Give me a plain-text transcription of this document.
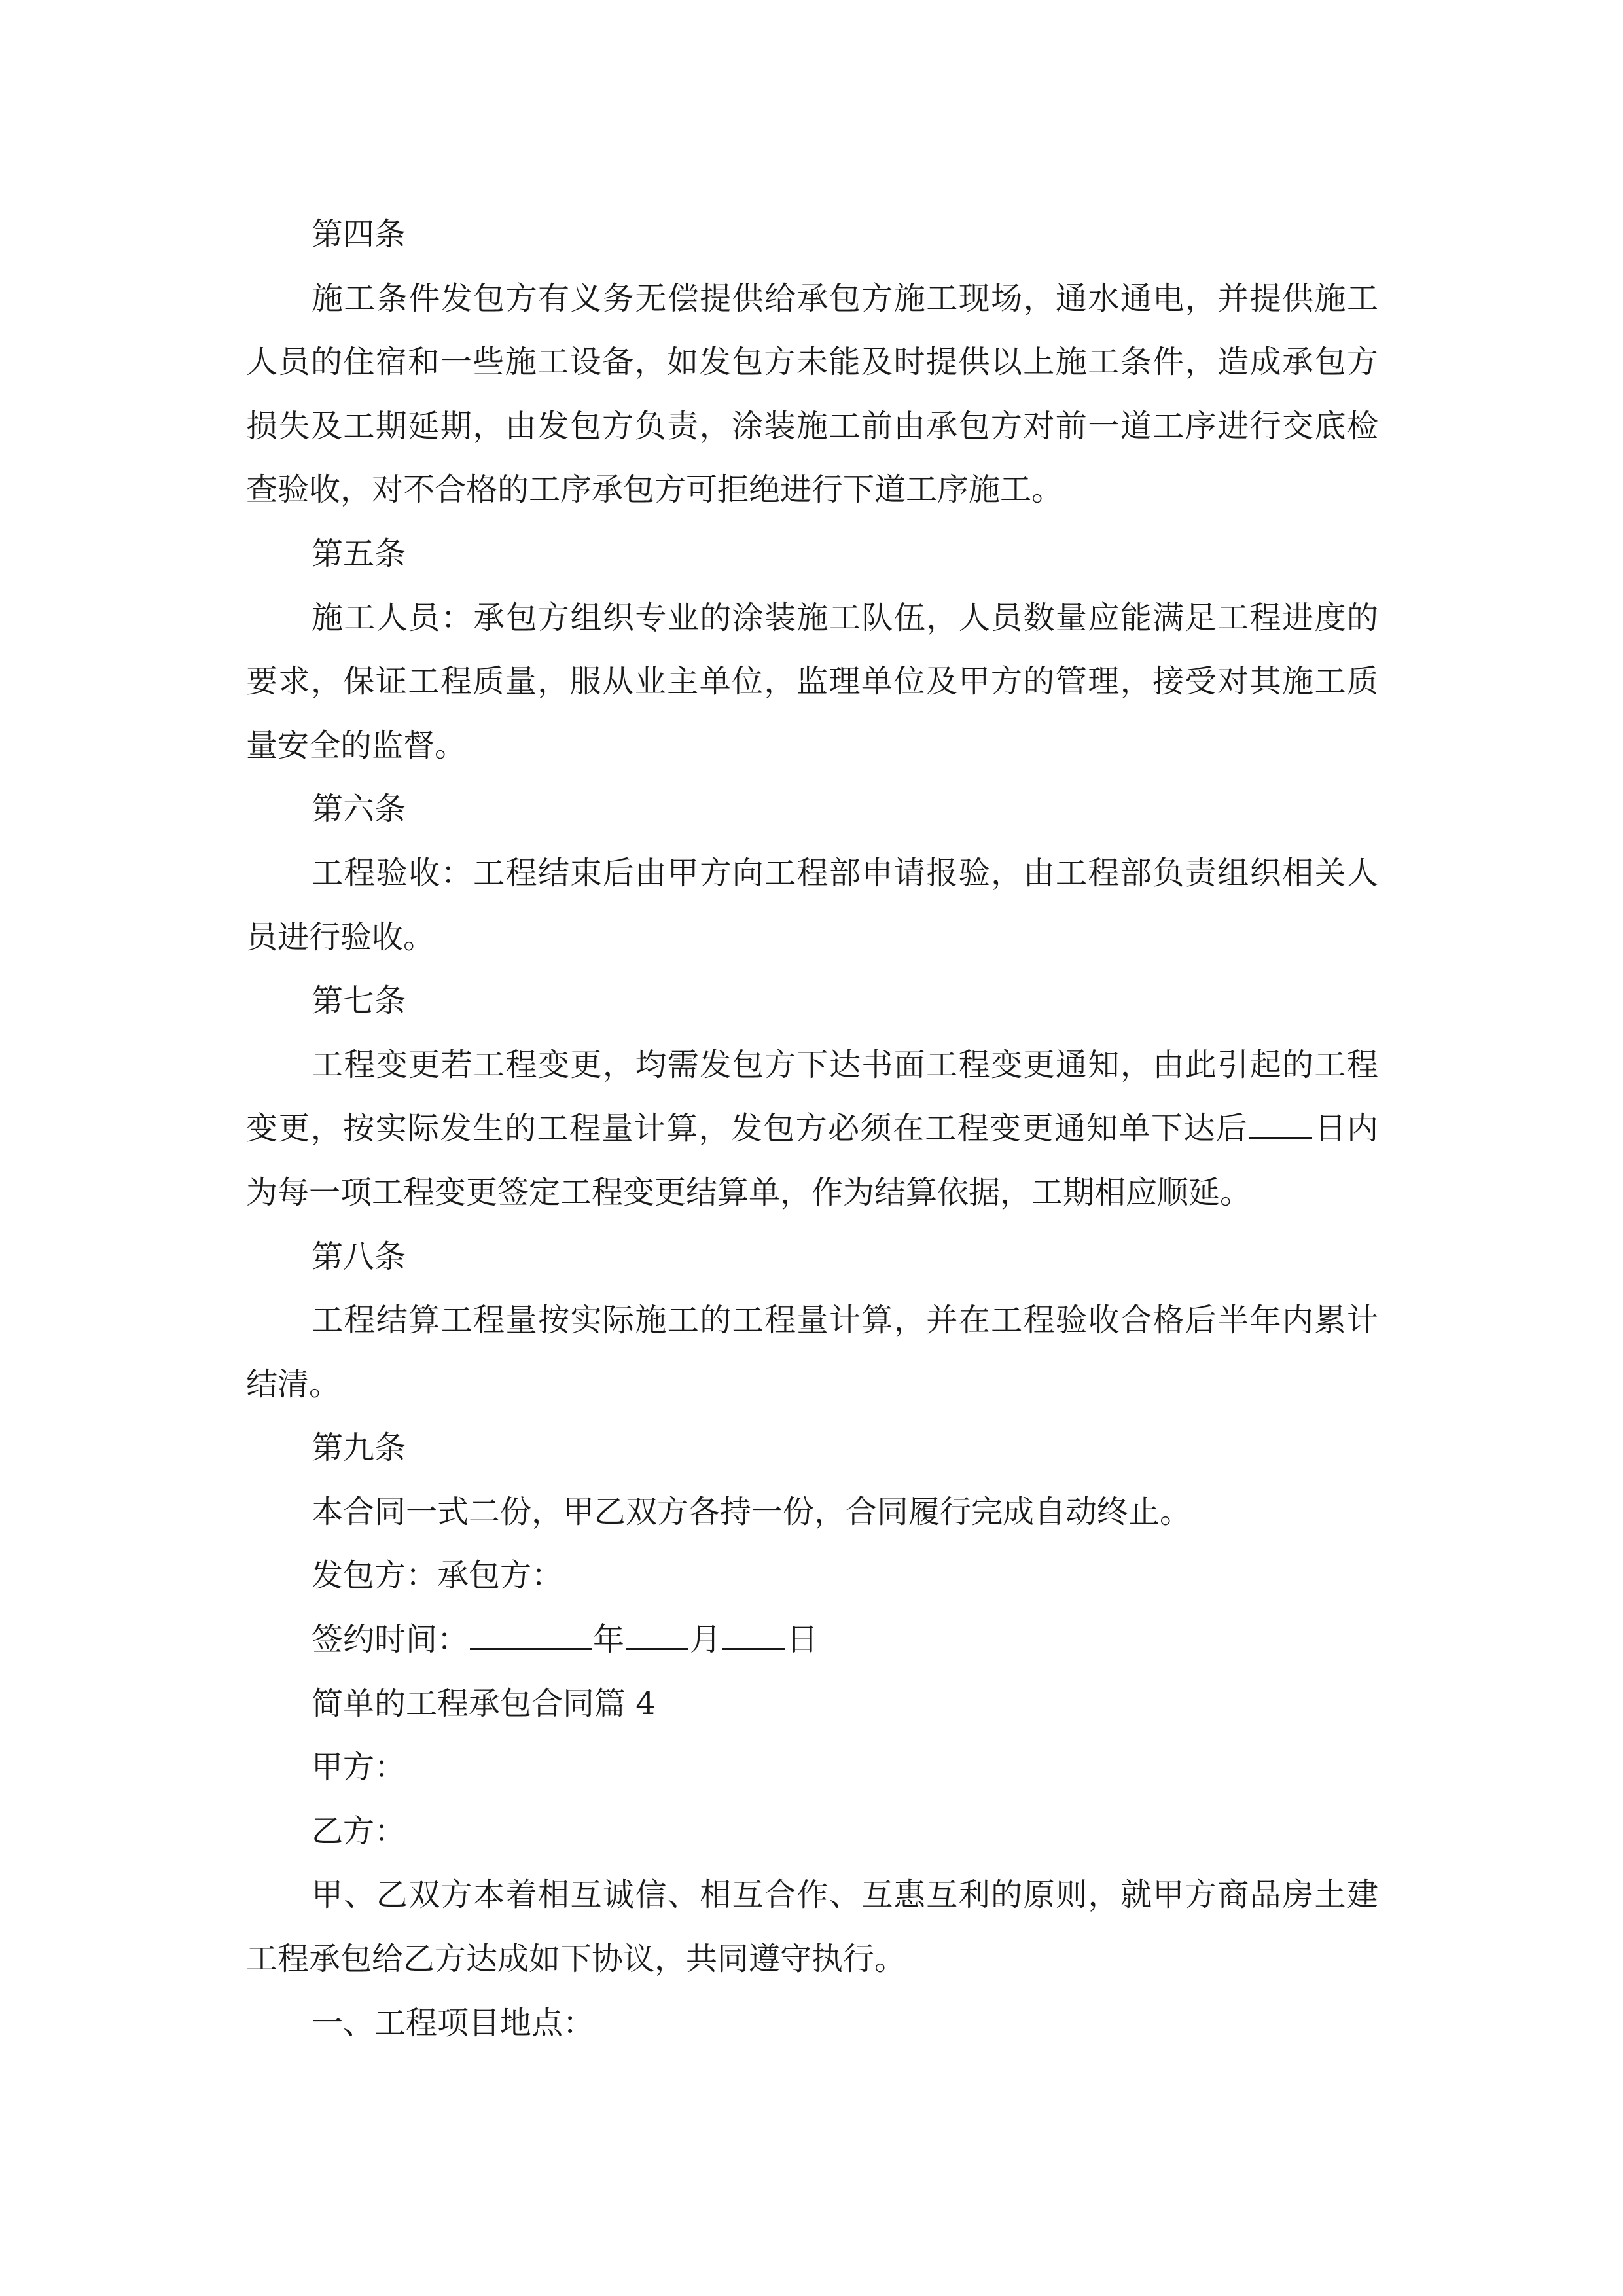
第四条
施工条件发包方有义务无偿提供给承包方施工现场，通水通电，并提供施工
人员的住宿和一些施工设备，如发包方未能及时提供以上施工条件，造成承包方
损失及工期延期，由发包方负责，涂装施工前由承包方对前一道工序进行交底检
查验收，对不合格的工序承包方可拒绝进行下道工序施工。
第五条
施工人员：承包方组织专业的涂装施工队伍，人员数量应能满足工程进度的
要求，保证工程质量，服从业主单位，监理单位及甲方的管理，接受对其施工质
量安全的监督。
第六条
工程验收：工程结束后由甲方向工程部申请报验，由工程部负责组织相关人
员进行验收。
第七条
工程变更若工程变更，均需发包方下达书面工程变更通知，由此引起的工程
变更，按实际发生的工程量计算，发包方必须在工程变更通知单下达后 日内
为每一项工程变更签定工程变更结算单，作为结算依据，工期相应顺延。
第八条
工程结算工程量按实际施工的工程量计算，并在工程验收合格后半年内累计
结清。
第九条
本合同一式二份，甲乙双方各持一份，合同履行完成自动终止。
发包方：承包方：
签约时间：	年 月 日
简单的工程承包合同篇 4
甲方：
乙方：
甲、乙双方本着相互诚信、相互合作、互惠互利的原则，就甲方商品房土建
工程承包给乙方达成如下协议，共同遵守执行。
一、工程项目地点：
